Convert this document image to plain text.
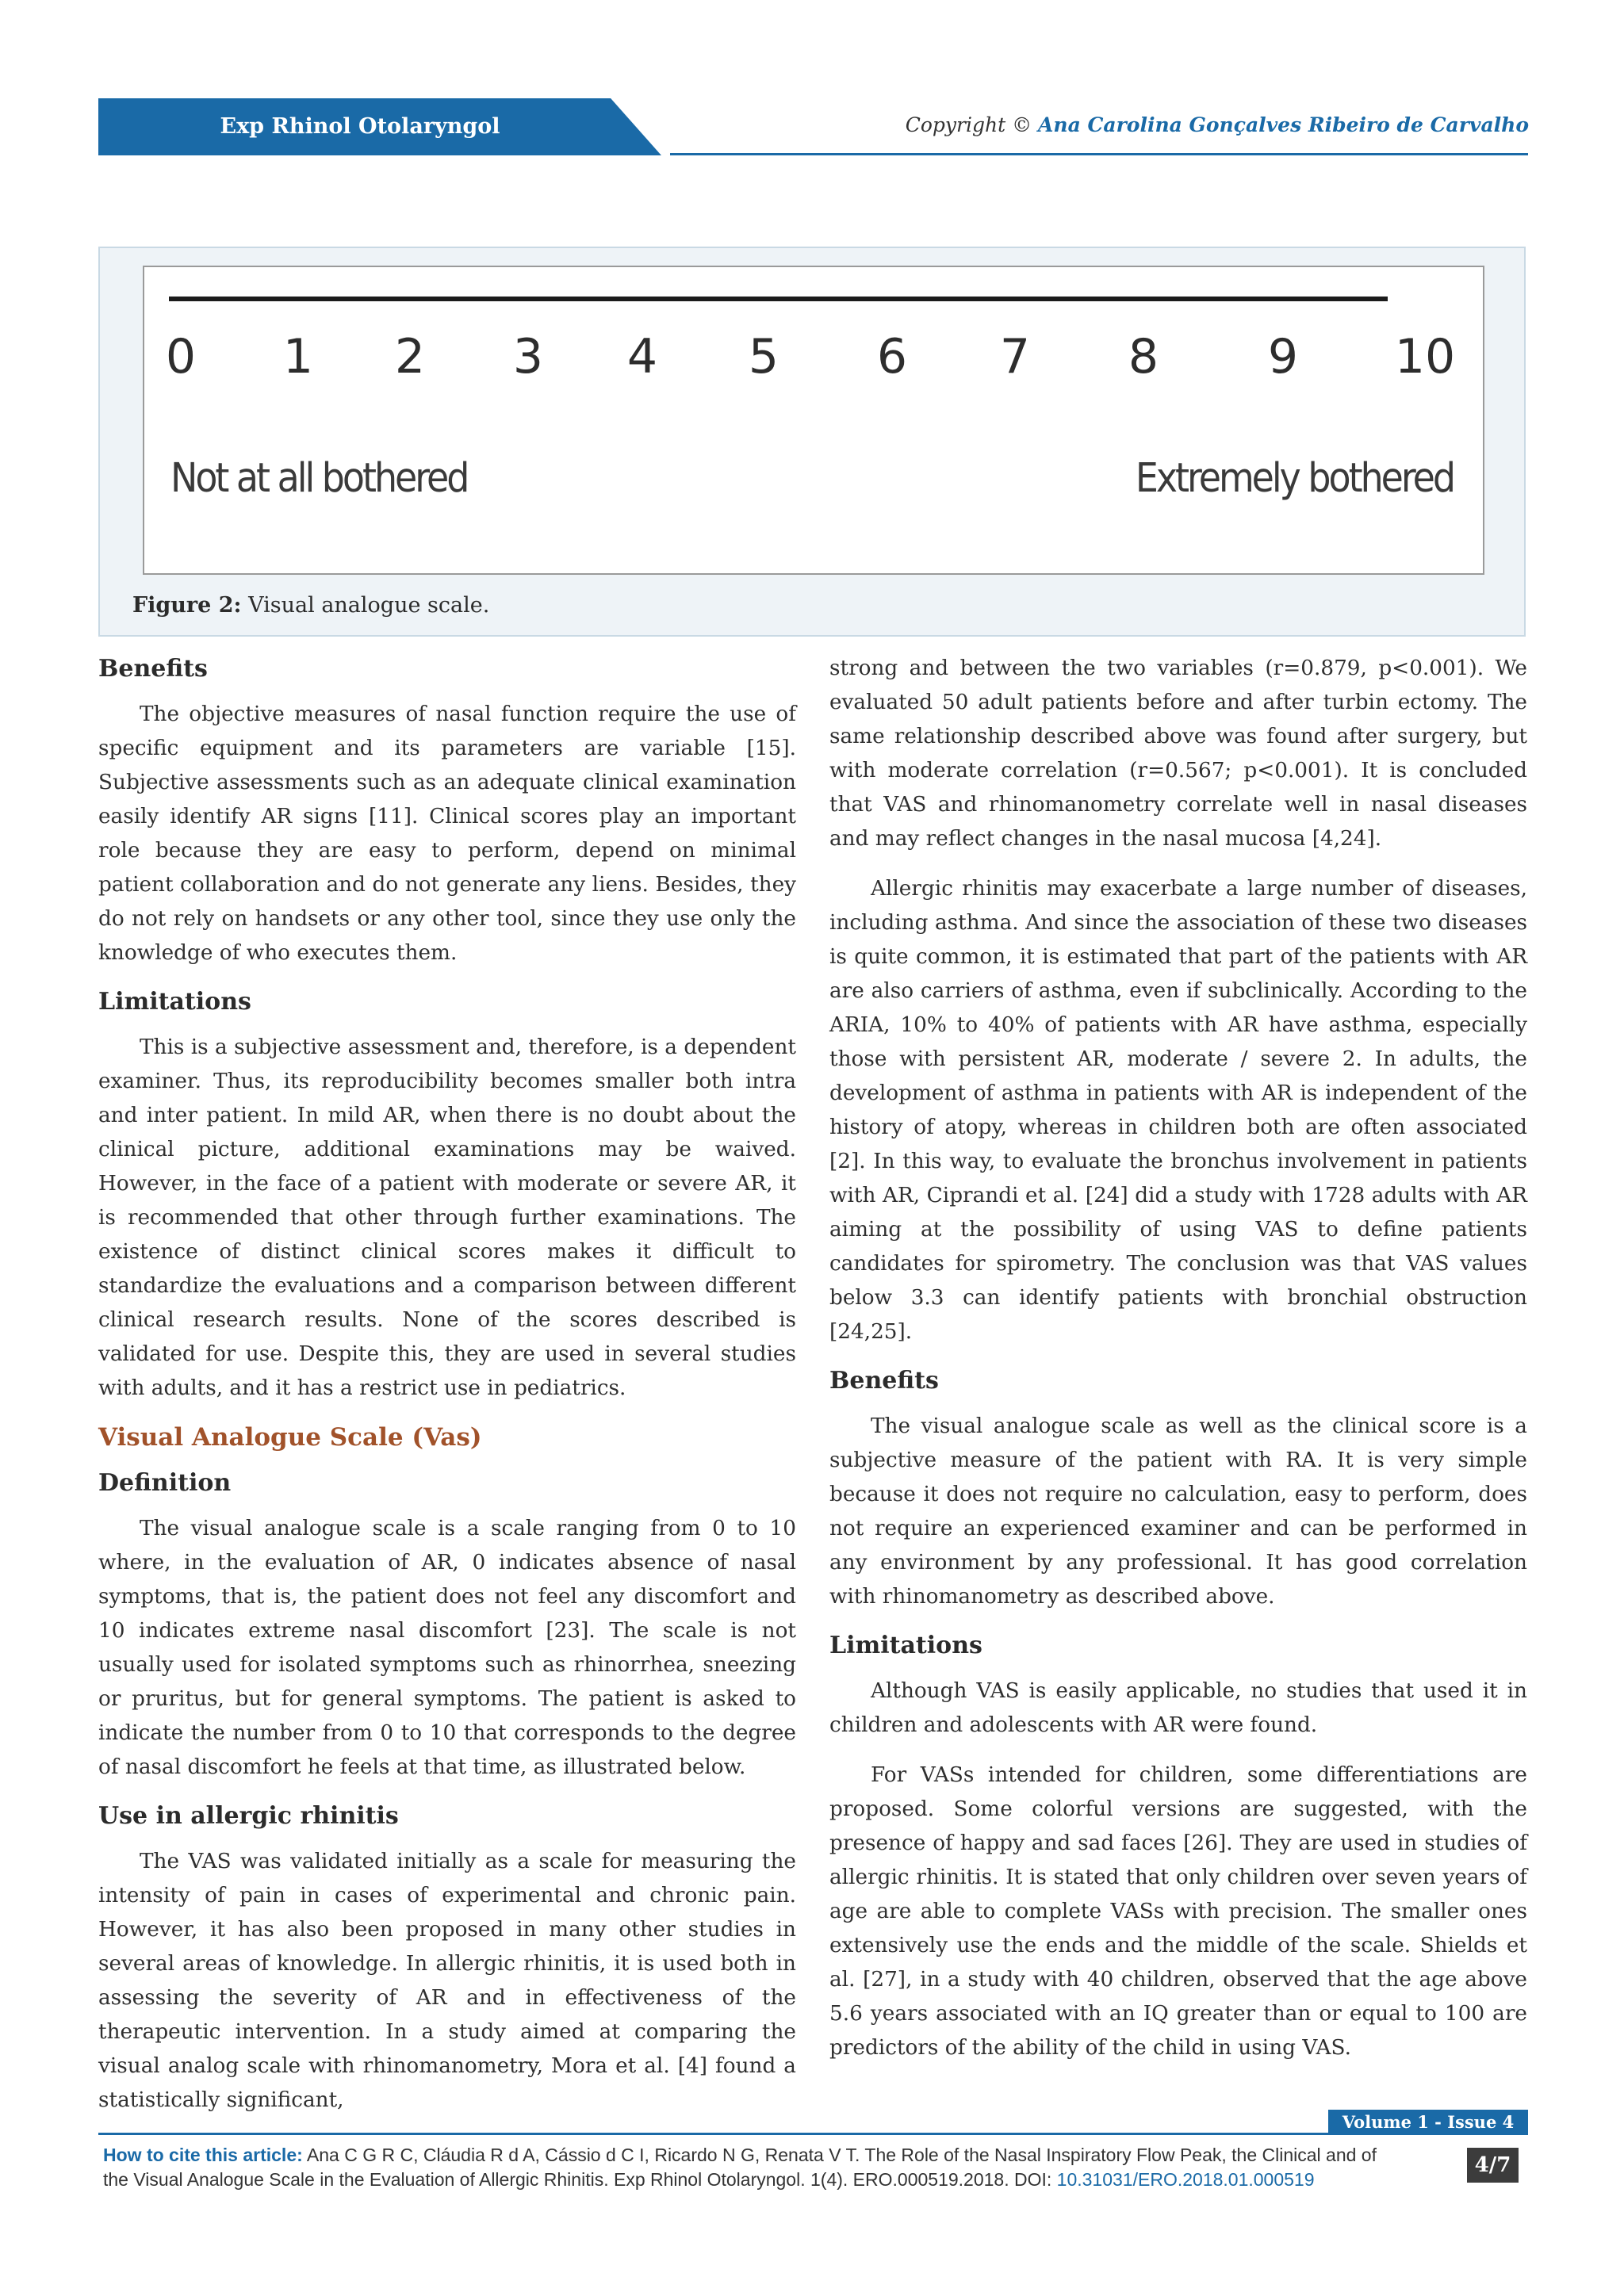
Exp Rhinol Otolaryngol	Copyright © Ana Carolina Gonçalves Ribeiro de Carvalho
0	1	2	3	4	5	6	7	8	9	10
Not at all bothered	Extremely bothered
Figure 2: Visual analogue scale.
Benefits

The objective measures of nasal function require the use of specific equipment and its parameters are variable [15]. Subjective assessments such as an adequate clinical examination easily identify AR signs [11]. Clinical scores play an important role because they are easy to perform, depend on minimal patient collaboration and do not generate any liens. Besides, they do not rely on handsets or any other tool, since they use only the knowledge of who executes them.

Limitations

This is a subjective assessment and, therefore, is a dependent examiner. Thus, its reproducibility becomes smaller both intra and inter patient. In mild AR, when there is no doubt about the clinical picture, additional examinations may be waived. However, in the face of a patient with moderate or severe AR, it is recommended that other through further examinations. The existence of distinct clinical scores makes it difficult to standardize the evaluations and a comparison between different clinical research results. None of the scores described is validated for use. Despite this, they are used in several studies with adults, and it has a restrict use in pediatrics.

Visual Analogue Scale (Vas)
Definition

The visual analogue scale is a scale ranging from 0 to 10 where, in the evaluation of AR, 0 indicates absence of nasal symptoms, that is, the patient does not feel any discomfort and 10 indicates extreme nasal discomfort [23]. The scale is not usually used for isolated symptoms such as rhinorrhea, sneezing or pruritus, but for general symptoms. The patient is asked to indicate the number from 0 to 10 that corresponds to the degree of nasal discomfort he feels at that time, as illustrated below.

Use in allergic rhinitis

The VAS was validated initially as a scale for measuring the intensity of pain in cases of experimental and chronic pain. However, it has also been proposed in many other studies in several areas of knowledge. In allergic rhinitis, it is used both in assessing the severity of AR and in effectiveness of the therapeutic intervention. In a study aimed at comparing the visual analog scale with rhinomanometry, Mora et al. [4] found a statistically significant,

strong and between the two variables (r=0.879, p<0.001). We evaluated 50 adult patients before and after turbin ectomy. The same relationship described above was found after surgery, but with moderate correlation (r=0.567; p<0.001). It is concluded that VAS and rhinomanometry correlate well in nasal diseases and may reflect changes in the nasal mucosa [4,24].

Allergic rhinitis may exacerbate a large number of diseases, including asthma. And since the association of these two diseases is quite common, it is estimated that part of the patients with AR are also carriers of asthma, even if subclinically. According to the ARIA, 10% to 40% of patients with AR have asthma, especially those with persistent AR, moderate / severe 2. In adults, the development of asthma in patients with AR is independent of the history of atopy, whereas in children both are often associated [2]. In this way, to evaluate the bronchus involvement in patients with AR, Ciprandi et al. [24] did a study with 1728 adults with AR aiming at the possibility of using VAS to define patients candidates for spirometry. The conclusion was that VAS values below 3.3 can identify patients with bronchial obstruction [24,25].

Benefits

The visual analogue scale as well as the clinical score is a subjective measure of the patient with RA. It is very simple because it does not require no calculation, easy to perform, does not require an experienced examiner and can be performed in any environment by any professional. It has good correlation with rhinomanometry as described above.

Limitations

Although VAS is easily applicable, no studies that used it in children and adolescents with AR were found.

For VASs intended for children, some differentiations are proposed. Some colorful versions are suggested, with the presence of happy and sad faces [26]. They are used in studies of allergic rhinitis. It is stated that only children over seven years of age are able to complete VASs with precision. The smaller ones extensively use the ends and the middle of the scale. Shields et al. [27], in a study with 40 children, observed that the age above 5.6 years associated with an IQ greater than or equal to 100 are predictors of the ability of the child in using VAS.

Volume 1 - Issue 4
How to cite this article: Ana C G R C, Cláudia R d A, Cássio d C I, Ricardo N G, Renata V T. The Role of the Nasal Inspiratory Flow Peak, the Clinical and of the Visual Analogue Scale in the Evaluation of Allergic Rhinitis. Exp Rhinol Otolaryngol. 1(4). ERO.000519.2018. DOI: 10.31031/ERO.2018.01.000519
4/7
